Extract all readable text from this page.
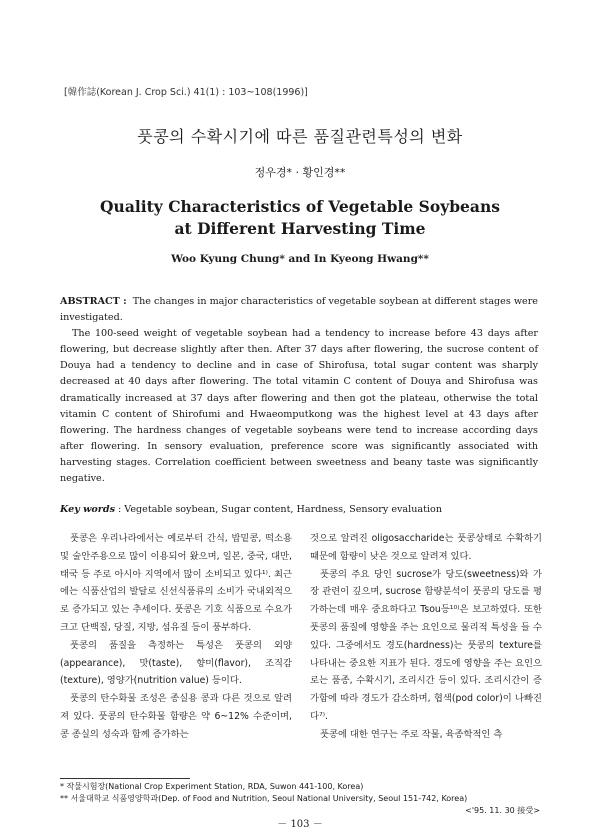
[韓作誌(Korean J. Crop Sci.) 41(1) : 103~108(1996)]
풋콩의 수확시기에 따른 품질관련특성의 변화
정우경* · 황인경**
Quality Characteristics of Vegetable Soybeans
at Different Harvesting Time
Woo Kyung Chung* and In Kyeong Hwang**

ABSTRACT : The changes in major characteristics of vegetable soybean at different stages were investigated.

The 100-seed weight of vegetable soybean had a tendency to increase before 43 days after flowering, but decrease slightly after then. After 37 days after flowering, the sucrose content of Douya had a tendency to decline and in case of Shirofusa, total sugar content was sharply decreased at 40 days after flowering. The total vitamin C content of Douya and Shirofusa was dramatically increased at 37 days after flowering and then got the plateau, otherwise the total vitamin C content of Shirofumi and Hwaeomputkong was the highest level at 43 days after flowering. The hardness changes of vegetable soybeans were tend to increase according days after flowering. In sensory evaluation, preference score was significantly associated with harvesting stages. Correlation coefficient between sweetness and beany taste was significantly negative.

Key words : Vegetable soybean, Sugar content, Hardness, Sensory evaluation

풋콩은 우리나라에서는 예로부터 간식, 밥밑콩, 떡소용 및 술안주용으로 많이 이용되어 왔으며, 일본, 중국, 대만, 태국 등 주로 아시아 지역에서 많이 소비되고 있다¹⁾. 최근에는 식품산업의 발달로 신선식품류의 소비가 국내외적으로 증가되고 있는 추세이다. 풋콩은 기호 식품으로 수요가 크고 단백질, 당질, 지방, 섬유질 등이 풍부하다.

풋콩의 품질을 측정하는 특성은 풋콩의 외양(appearance), 맛(taste), 향미(flavor), 조직감(texture), 영양가(nutrition value) 등이다.

풋콩의 탄수화물 조성은 종실용 콩과 다른 것으로 알려져 있다. 풋콩의 탄수화물 함량은 약 6~12% 수준이며, 콩 종실의 성숙과 함께 증가하는

것으로 알려진 oligosaccharide는 풋콩상태로 수확하기 때문에 함량이 낮은 것으로 알려져 있다.

풋콩의 주요 당인 sucrose가 당도(sweetness)와 가장 관련이 깊으며, sucrose 함량분석이 풋콩의 당도를 평가하는데 매우 중요하다고 Tsou등¹⁰⁾은 보고하였다. 또한 풋콩의 품질에 영향을 주는 요인으로 물리적 특성을 들 수 있다. 그중에서도 경도(hardness)는 풋콩의 texture를 나타내는 중요한 지표가 된다. 경도에 영향을 주는 요인으로는 품종, 수확시기, 조리시간 등이 있다. 조리시간이 증가함에 따라 경도가 감소하며, 협색(pod color)이 나빠진다⁷⁾.

풋콩에 대한 연구는 주로 작물, 육종학적인 측

* 작물시험장(National Crop Experiment Station, RDA, Suwon 441-100, Korea)

** 서울대학교 식품영양학과(Dep. of Food and Nutrition, Seoul National University, Seoul 151-742, Korea)

<'95. 11. 30 接受>

－ 103 －
